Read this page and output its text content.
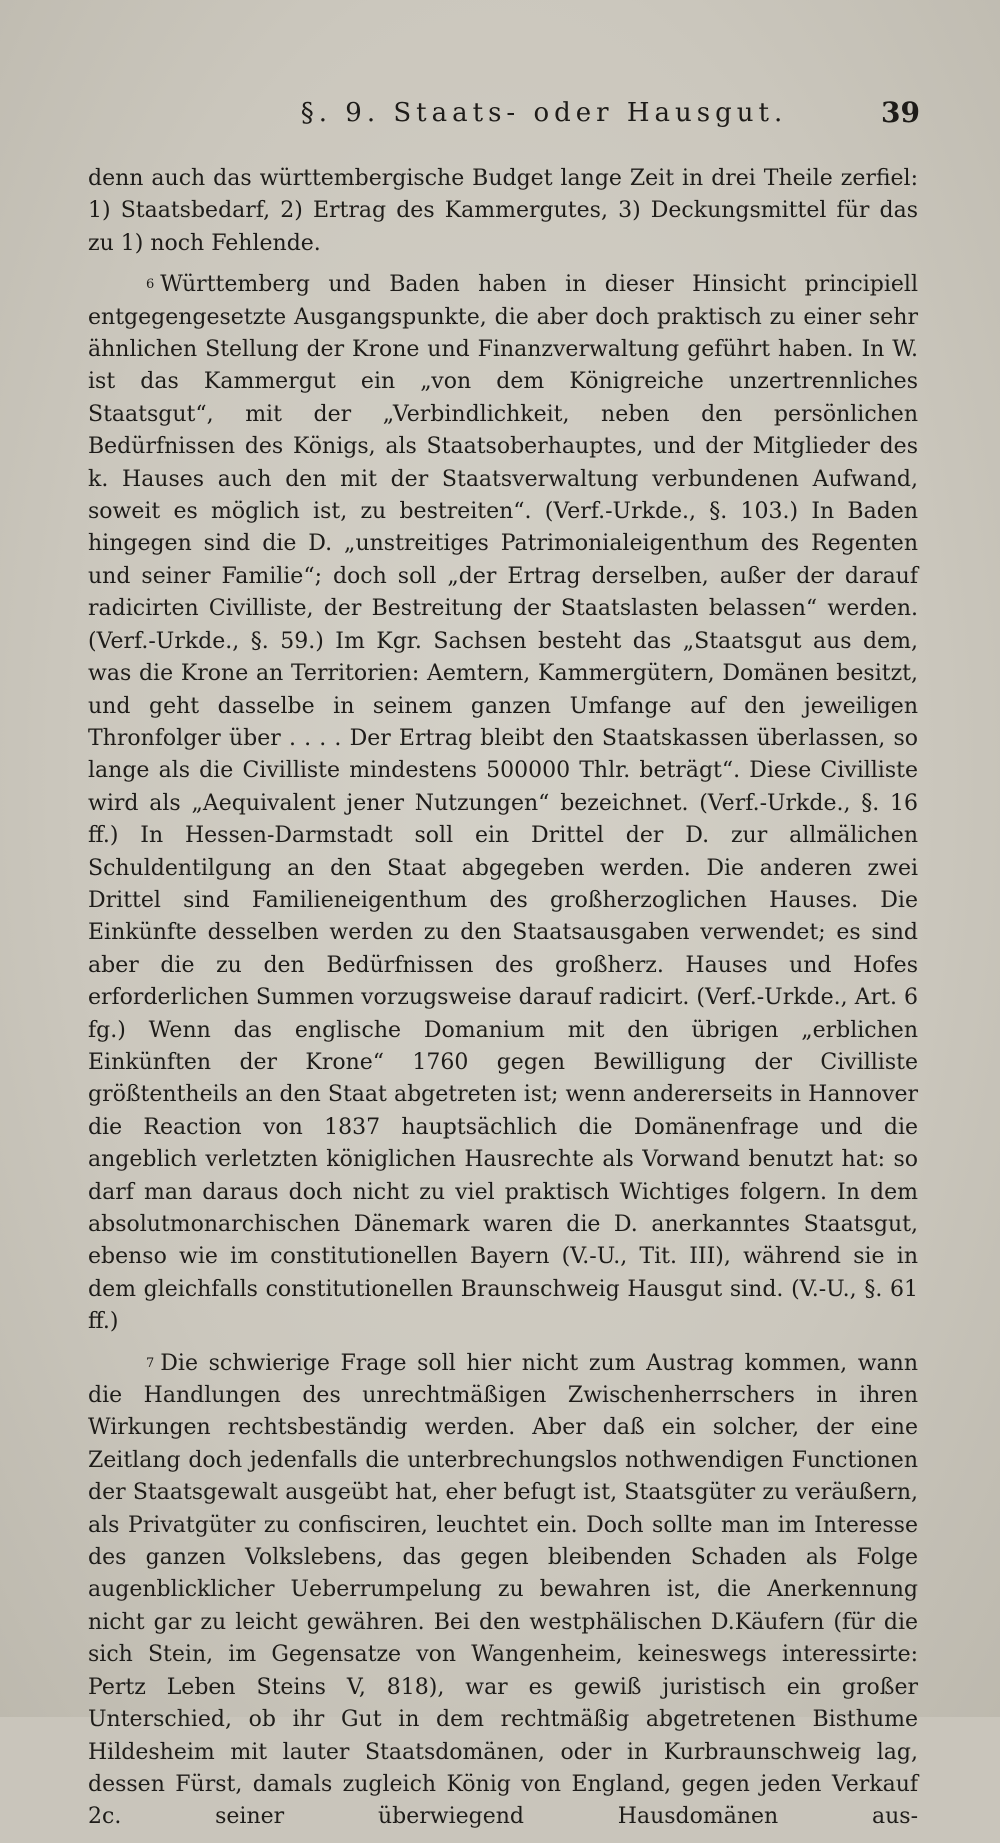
§. 9. Staats- oder Hausgut.	39

denn auch das württembergische Budget lange Zeit in drei Theile zerfiel: 1) Staatsbedarf, 2) Ertrag des Kammergutes, 3) Deckungsmittel für das zu 1) noch Fehlende.

6 Württemberg und Baden haben in dieser Hinsicht principiell entgegengesetzte Ausgangspunkte, die aber doch praktisch zu einer sehr ähnlichen Stellung der Krone und Finanzverwaltung geführt haben. In W. ist das Kammergut ein „von dem Königreiche unzertrennliches Staatsgut“, mit der „Verbindlichkeit, neben den persönlichen Bedürfnissen des Königs, als Staatsoberhauptes, und der Mitglieder des k. Hauses auch den mit der Staatsverwaltung verbundenen Aufwand, soweit es möglich ist, zu bestreiten“. (Verf.-Urkde., §. 103.) In Baden hingegen sind die D. „unstreitiges Patrimonialeigenthum des Regenten und seiner Familie“; doch soll „der Ertrag derselben, außer der darauf radicirten Civilliste, der Bestreitung der Staatslasten belassen“ werden. (Verf.-Urkde., §. 59.) Im Kgr. Sachsen besteht das „Staatsgut aus dem, was die Krone an Territorien: Aemtern, Kammergütern, Domänen besitzt, und geht dasselbe in seinem ganzen Umfange auf den jeweiligen Thronfolger über . . . . Der Ertrag bleibt den Staatskassen überlassen, so lange als die Civilliste mindestens 500000 Thlr. beträgt“. Diese Civilliste wird als „Aequivalent jener Nutzungen“ bezeichnet. (Verf.-Urkde., §. 16 ff.) In Hessen-Darmstadt soll ein Drittel der D. zur allmälichen Schuldentilgung an den Staat abgegeben werden. Die anderen zwei Drittel sind Familieneigenthum des großherzoglichen Hauses. Die Einkünfte desselben werden zu den Staatsausgaben verwendet; es sind aber die zu den Bedürfnissen des großherz. Hauses und Hofes erforderlichen Summen vorzugsweise darauf radicirt. (Verf.-Urkde., Art. 6 fg.) Wenn das englische Domanium mit den übrigen „erblichen Einkünften der Krone“ 1760 gegen Bewilligung der Civilliste größtentheils an den Staat abgetreten ist; wenn andererseits in Hannover die Reaction von 1837 hauptsächlich die Domänenfrage und die angeblich verletzten königlichen Hausrechte als Vorwand benutzt hat: so darf man daraus doch nicht zu viel praktisch Wichtiges folgern. In dem absolutmonarchischen Dänemark waren die D. anerkanntes Staatsgut, ebenso wie im constitutionellen Bayern (V.-U., Tit. III), während sie in dem gleichfalls constitutionellen Braunschweig Hausgut sind. (V.-U., §. 61 ff.)

7 Die schwierige Frage soll hier nicht zum Austrag kommen, wann die Handlungen des unrechtmäßigen Zwischenherrschers in ihren Wirkungen rechtsbeständig werden. Aber daß ein solcher, der eine Zeitlang doch jedenfalls die unterbrechungslos nothwendigen Functionen der Staatsgewalt ausgeübt hat, eher befugt ist, Staatsgüter zu veräußern, als Privatgüter zu confisciren, leuchtet ein. Doch sollte man im Interesse des ganzen Volkslebens, das gegen bleibenden Schaden als Folge augenblicklicher Ueberrumpelung zu bewahren ist, die Anerkennung nicht gar zu leicht gewähren. Bei den westphälischen D.Käufern (für die sich Stein, im Gegensatze von Wangenheim, keineswegs interessirte: Pertz Leben Steins V, 818), war es gewiß juristisch ein großer Unterschied, ob ihr Gut in dem rechtmäßig abgetretenen Bisthume Hildesheim mit lauter Staatsdomänen, oder in Kurbraunschweig lag, dessen Fürst, damals zugleich König von England, gegen jeden Verkauf 2c. seiner überwiegend Hausdomänen aus-
